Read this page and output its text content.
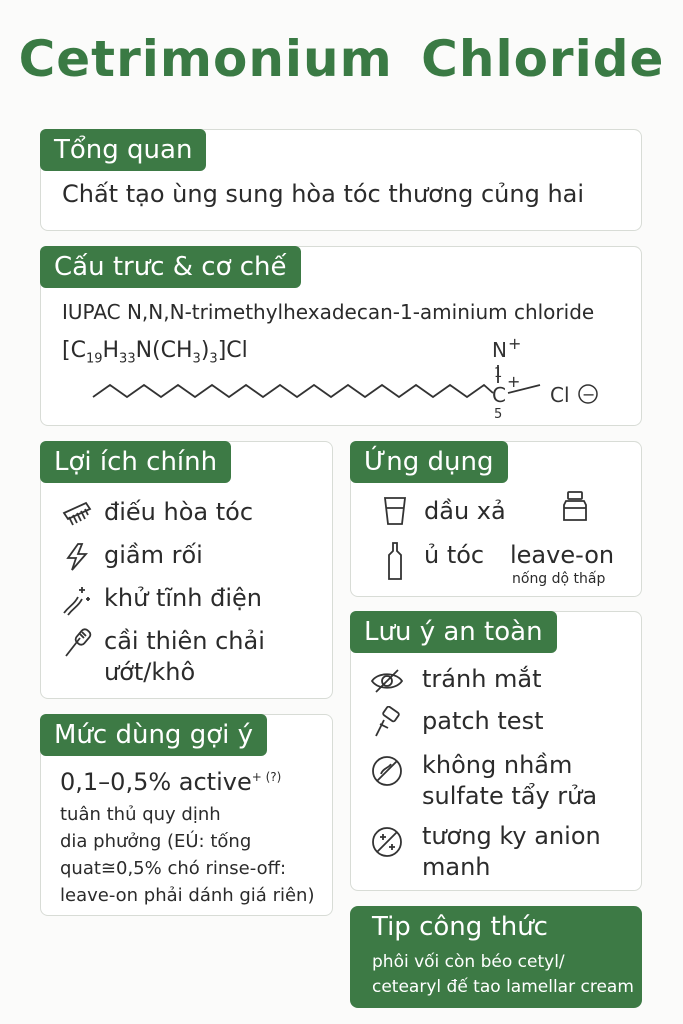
Cetrimonium Chloride
Tổng quan
Chất tạo ùng sung hòa tóc thương củng hai
Cấu trưc & cơ chế
IUPAC N,N,N-trimethylhexadecan-1-aminium chloride
$[C_{19}H_{33}N(CH_3)_3]Cl$	N +
1 +
C
5
Cl −
Lợi ích chính
điếu hòa tóc
giầm rối
khử tĩnh điện
cầi thiên chải
ướt/khô
Mức dùng gợi ý
0,1–0,5% active+ (?)
tuân thủ quy dịnh
dia phưởng (EÚ: tống
quat≅0,5% chó rinse-off:
leave-on phải dánh giá riên)
Ứng dụng
dầu xả
ủ tóc leave-on
nống dộ thấp
Lưu ý an toàn
tránh mắt
patch test
không nhầm
sulfate tẩy rửa
tương ky anion
manh
Tip công thức
phôi vối còn béo cetyl/
cetearyl đế tao lamellar cream
